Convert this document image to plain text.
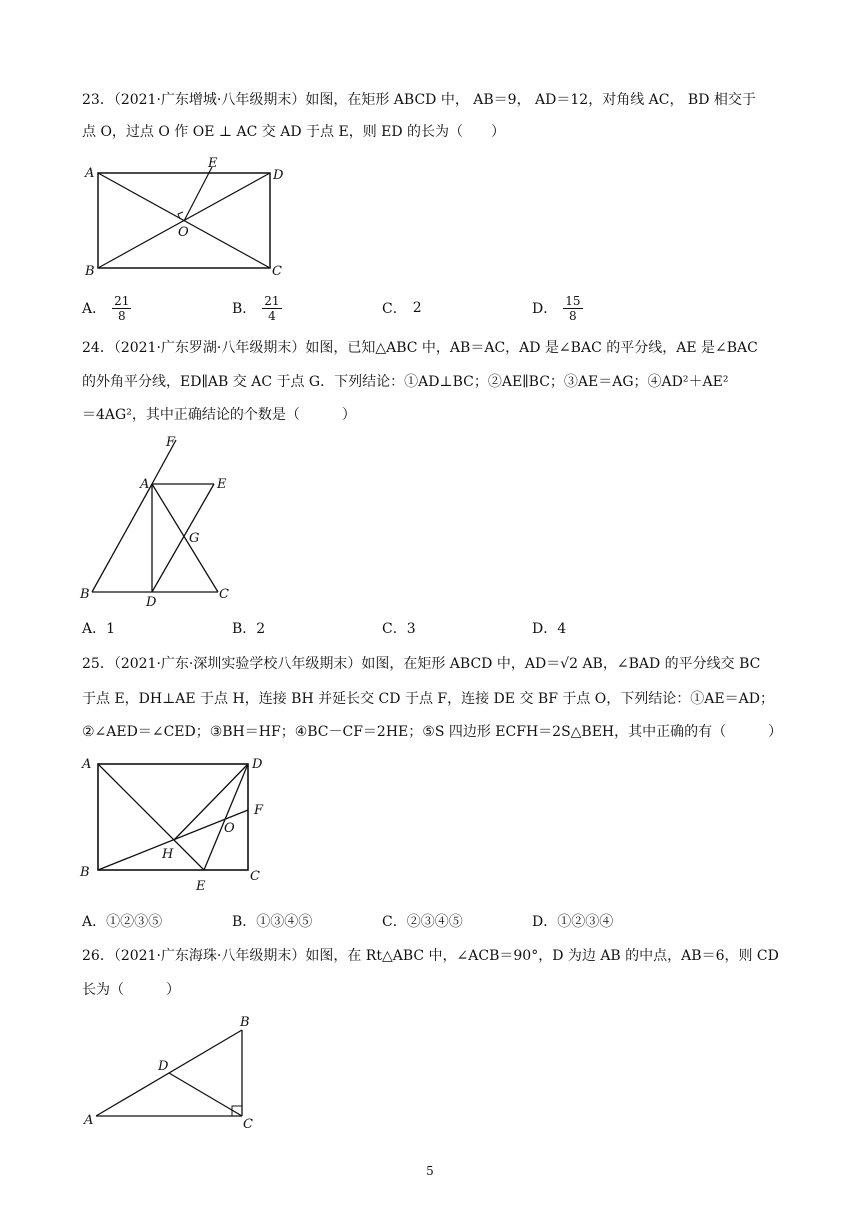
23．（2021·广东增城·八年级期末）如图，在矩形 ABCD 中， AB＝9， AD＝12，对角线 AC， BD 相交于
点 O，过点 O 作 OE ⊥ AC 交 AD 于点 E，则 ED 的长为（　　）
A
B	C
D
E
O
A． $\frac{21}{8}$	B． $\frac{21}{4}$	C． 2	D． $\frac{15}{8}$
24．（2021·广东罗湖·八年级期末）如图，已知△ABC 中，AB＝AC，AD 是∠BAC 的平分线，AE 是∠BAC
的外角平分线，ED∥AB 交 AC 于点 G．下列结论：①AD⊥BC；②AE∥BC；③AE＝AG；④AD²＋AE²
＝4AG²，其中正确结论的个数是（　　　）
A
B	C
D
E
F
G
A．1	B．2	C．3	D．4
25．（2021·广东·深圳实验学校八年级期末）如图，在矩形 ABCD 中，AD＝√2 AB，∠BAD 的平分线交 BC
于点 E，DH⊥AE 于点 H，连接 BH 并延长交 CD 于点 F，连接 DE 交 BF 于点 O，下列结论：①AE＝AD；
②∠AED＝∠CED；③BH＝HF；④BC－CF＝2HE；⑤S 四边形 ECFH＝2S△BEH，其中正确的有（　　　）
A
B	C
D
E
F
H
O
A．①②③⑤	B．①③④⑤	C．②③④⑤	D．①②③④
26．（2021·广东海珠·八年级期末）如图，在 Rt△ABC 中，∠ACB＝90°，D 为边 AB 的中点，AB＝6，则 CD
长为（　　　）
A
B
C
D
5
